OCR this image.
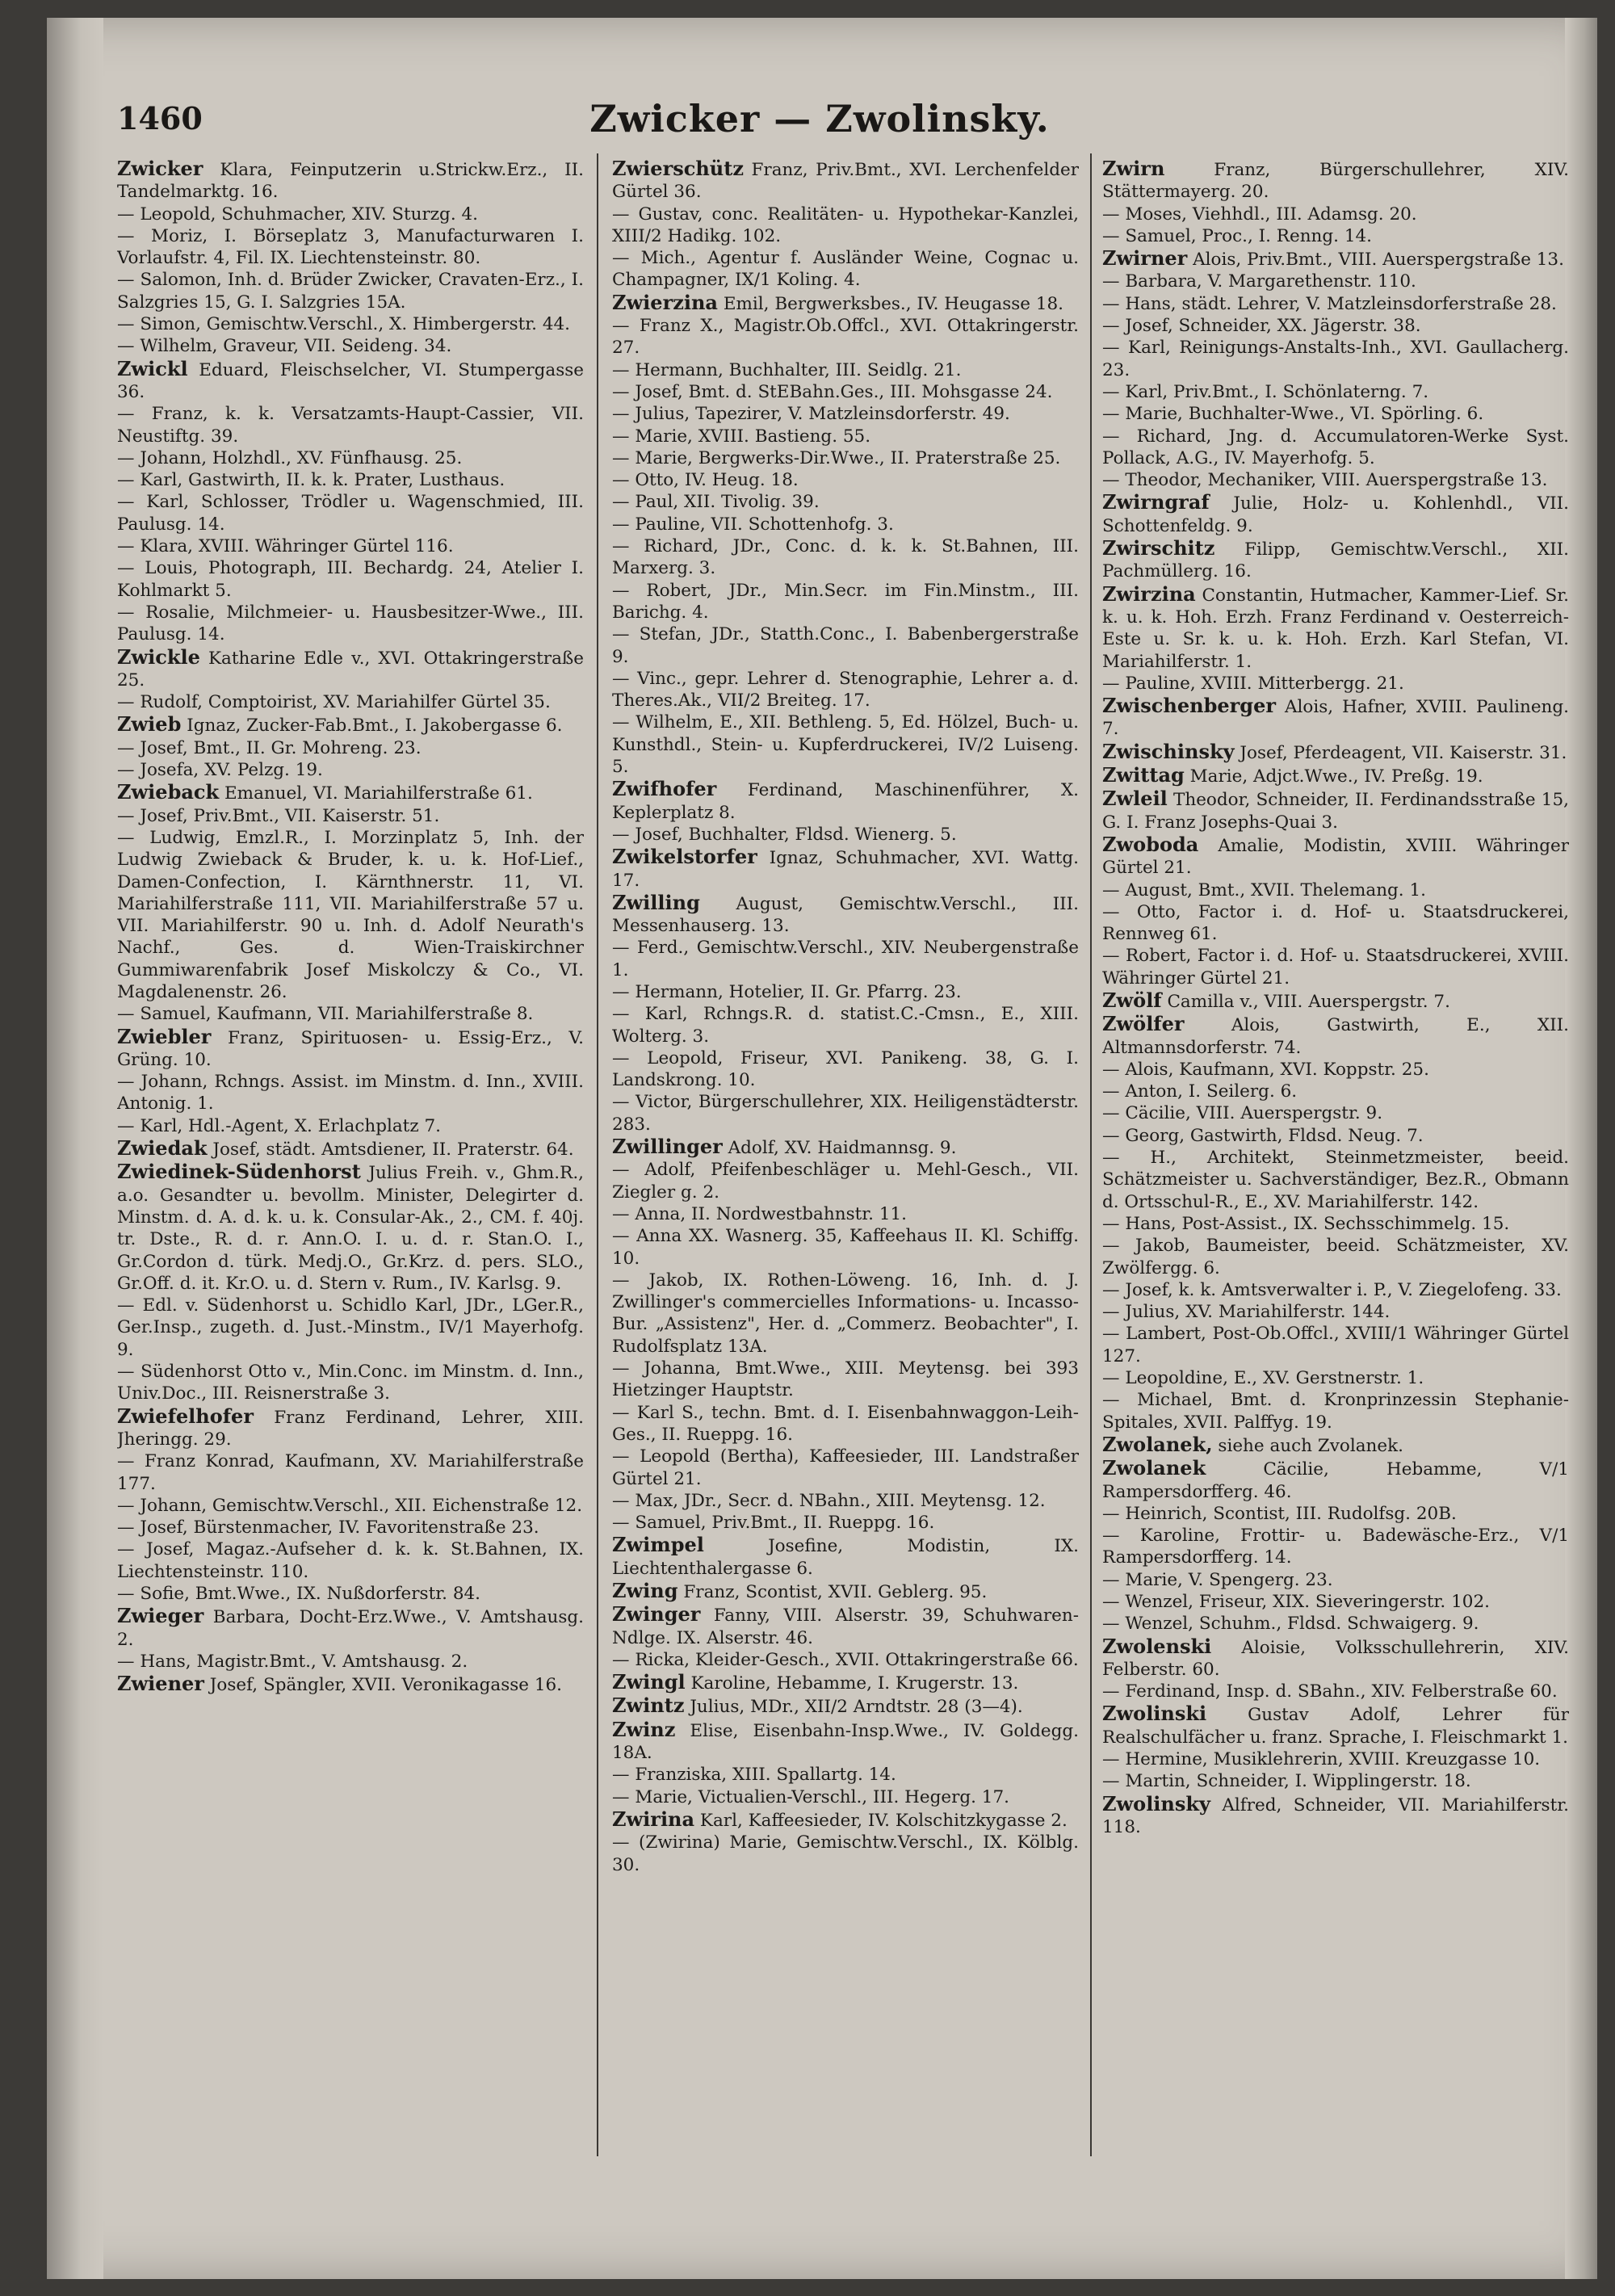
1460	Zwicker — Zwolinsky.

Zwicker Klara, Feinputzerin u.Strickw.Erz., II. Tandelmarktg. 16.

— Leopold, Schuhmacher, XIV. Sturzg. 4.

— Moriz, I. Börseplatz 3, Manufacturwaren I. Vorlaufstr. 4, Fil. IX. Liechtensteinstr. 80.

— Salomon, Inh. d. Brüder Zwicker, Cravaten-Erz., I. Salzgries 15, G. I. Salzgries 15A.

— Simon, Gemischtw.Verschl., X. Himbergerstr. 44.

— Wilhelm, Graveur, VII. Seideng. 34.

Zwickl Eduard, Fleischselcher, VI. Stumpergasse 36.

— Franz, k. k. Versatzamts-Haupt-Cassier, VII. Neustiftg. 39.

— Johann, Holzhdl., XV. Fünfhausg. 25.

— Karl, Gastwirth, II. k. k. Prater, Lusthaus.

— Karl, Schlosser, Trödler u. Wagenschmied, III. Paulusg. 14.

— Klara, XVIII. Währinger Gürtel 116.

— Louis, Photograph, III. Bechardg. 24, Atelier I. Kohlmarkt 5.

— Rosalie, Milchmeier- u. Hausbesitzer-Wwe., III. Paulusg. 14.

Zwickle Katharine Edle v., XVI. Ottakringerstraße 25.

— Rudolf, Comptoirist, XV. Mariahilfer Gürtel 35.

Zwieb Ignaz, Zucker-Fab.Bmt., I. Jakobergasse 6.

— Josef, Bmt., II. Gr. Mohreng. 23.

— Josefa, XV. Pelzg. 19.

Zwieback Emanuel, VI. Mariahilferstraße 61.

— Josef, Priv.Bmt., VII. Kaiserstr. 51.

— Ludwig, Emzl.R., I. Morzinplatz 5, Inh. der Ludwig Zwieback & Bruder, k. u. k. Hof-Lief., Damen-Confection, I. Kärnthnerstr. 11, VI. Mariahilferstraße 111, VII. Mariahilferstraße 57 u. VII. Mariahilferstr. 90 u. Inh. d. Adolf Neurath's Nachf., Ges. d. Wien-Traiskirchner Gummiwarenfabrik Josef Miskolczy & Co., VI. Magdalenenstr. 26.

— Samuel, Kaufmann, VII. Mariahilferstraße 8.

Zwiebler Franz, Spirituosen- u. Essig-Erz., V. Grüng. 10.

— Johann, Rchngs. Assist. im Minstm. d. Inn., XVIII. Antonig. 1.

— Karl, Hdl.-Agent, X. Erlachplatz 7.

Zwiedak Josef, städt. Amtsdiener, II. Praterstr. 64.

Zwiedinek-Südenhorst Julius Freih. v., Ghm.R., a.o. Gesandter u. bevollm. Minister, Delegirter d. Minstm. d. A. d. k. u. k. Consular-Ak., 2., CM. f. 40j. tr. Dste., R. d. r. Ann.O. I. u. d. r. Stan.O. I., Gr.Cordon d. türk. Medj.O., Gr.Krz. d. pers. SLO., Gr.Off. d. it. Kr.O. u. d. Stern v. Rum., IV. Karlsg. 9.

— Edl. v. Südenhorst u. Schidlo Karl, JDr., LGer.R., Ger.Insp., zugeth. d. Just.-Minstm., IV/1 Mayerhofg. 9.

— Südenhorst Otto v., Min.Conc. im Minstm. d. Inn., Univ.Doc., III. Reisnerstraße 3.

Zwiefelhofer Franz Ferdinand, Lehrer, XIII. Jheringg. 29.

— Franz Konrad, Kaufmann, XV. Mariahilferstraße 177.

— Johann, Gemischtw.Verschl., XII. Eichenstraße 12.

— Josef, Bürstenmacher, IV. Favoritenstraße 23.

— Josef, Magaz.-Aufseher d. k. k. St.Bahnen, IX. Liechtensteinstr. 110.

— Sofie, Bmt.Wwe., IX. Nußdorferstr. 84.

Zwieger Barbara, Docht-Erz.Wwe., V. Amtshausg. 2.

— Hans, Magistr.Bmt., V. Amtshausg. 2.

Zwiener Josef, Spängler, XVII. Veronikagasse 16.

Zwierschütz Franz, Priv.Bmt., XVI. Lerchenfelder Gürtel 36.

— Gustav, conc. Realitäten- u. Hypothekar-Kanzlei, XIII/2 Hadikg. 102.

— Mich., Agentur f. Ausländer Weine, Cognac u. Champagner, IX/1 Koling. 4.

Zwierzina Emil, Bergwerksbes., IV. Heugasse 18.

— Franz X., Magistr.Ob.Offcl., XVI. Ottakringerstr. 27.

— Hermann, Buchhalter, III. Seidlg. 21.

— Josef, Bmt. d. StEBahn.Ges., III. Mohsgasse 24.

— Julius, Tapezirer, V. Matzleinsdorferstr. 49.

— Marie, XVIII. Bastieng. 55.

— Marie, Bergwerks-Dir.Wwe., II. Praterstraße 25.

— Otto, IV. Heug. 18.

— Paul, XII. Tivolig. 39.

— Pauline, VII. Schottenhofg. 3.

— Richard, JDr., Conc. d. k. k. St.Bahnen, III. Marxerg. 3.

— Robert, JDr., Min.Secr. im Fin.Minstm., III. Barichg. 4.

— Stefan, JDr., Statth.Conc., I. Babenbergerstraße 9.

— Vinc., gepr. Lehrer d. Stenographie, Lehrer a. d. Theres.Ak., VII/2 Breiteg. 17.

— Wilhelm, E., XII. Bethleng. 5, Ed. Hölzel, Buch- u. Kunsthdl., Stein- u. Kupferdruckerei, IV/2 Luiseng. 5.

Zwifhofer Ferdinand, Maschinenführer, X. Keplerplatz 8.

— Josef, Buchhalter, Fldsd. Wienerg. 5.

Zwikelstorfer Ignaz, Schuhmacher, XVI. Wattg. 17.

Zwilling August, Gemischtw.Verschl., III. Messenhauserg. 13.

— Ferd., Gemischtw.Verschl., XIV. Neubergenstraße 1.

— Hermann, Hotelier, II. Gr. Pfarrg. 23.

— Karl, Rchngs.R. d. statist.C.-Cmsn., E., XIII. Wolterg. 3.

— Leopold, Friseur, XVI. Panikeng. 38, G. I. Landskrong. 10.

— Victor, Bürgerschullehrer, XIX. Heiligenstädterstr. 283.

Zwillinger Adolf, XV. Haidmannsg. 9.

— Adolf, Pfeifenbeschläger u. Mehl-Gesch., VII. Ziegler g. 2.

— Anna, II. Nordwestbahnstr. 11.

— Anna XX. Wasnerg. 35, Kaffeehaus II. Kl. Schiffg. 10.

— Jakob, IX. Rothen-Löweng. 16, Inh. d. J. Zwillinger's commercielles Informations- u. Incasso-Bur. „Assistenz", Her. d. „Commerz. Beobachter", I. Rudolfsplatz 13A.

— Johanna, Bmt.Wwe., XIII. Meytensg. bei 393 Hietzinger Hauptstr.

— Karl S., techn. Bmt. d. I. Eisenbahnwaggon-Leih-Ges., II. Rueppg. 16.

— Leopold (Bertha), Kaffeesieder, III. Landstraßer Gürtel 21.

— Max, JDr., Secr. d. NBahn., XIII. Meytensg. 12.

— Samuel, Priv.Bmt., II. Rueppg. 16.

Zwimpel	Josefine, Modistin, IX. Liechtenthalergasse 6.

Zwing Franz, Scontist, XVII. Geblerg. 95.

Zwinger Fanny, VIII. Alserstr. 39, Schuhwaren-Ndlge. IX. Alserstr. 46.

— Ricka, Kleider-Gesch., XVII. Ottakringerstraße 66.

Zwingl Karoline, Hebamme, I. Krugerstr. 13.

Zwintz Julius, MDr., XII/2 Arndtstr. 28 (3—4).

Zwinz Elise, Eisenbahn-Insp.Wwe., IV. Goldegg. 18A.

— Franziska, XIII. Spallartg. 14.

— Marie, Victualien-Verschl., III. Hegerg. 17.

Zwirina Karl, Kaffeesieder, IV. Kolschitzkygasse 2.

— (Zwirina) Marie, Gemischtw.Verschl., IX. Kölblg. 30.

Zwirn	Franz, Bürgerschullehrer, XIV. Stättermayerg. 20.

— Moses, Viehhdl., III. Adamsg. 20.

— Samuel, Proc., I. Renng. 14.

Zwirner Alois, Priv.Bmt., VIII. Auerspergstraße 13.

— Barbara, V. Margarethenstr. 110.

— Hans, städt. Lehrer, V. Matzleinsdorferstraße 28.

— Josef, Schneider, XX. Jägerstr. 38.

— Karl, Reinigungs-Anstalts-Inh., XVI. Gaullacherg. 23.

— Karl, Priv.Bmt., I. Schönlaterng. 7.

— Marie, Buchhalter-Wwe., VI. Spörling. 6.

— Richard, Jng. d. Accumulatoren-Werke Syst. Pollack, A.G., IV. Mayerhofg. 5.

— Theodor, Mechaniker, VIII. Auerspergstraße 13.

Zwirngraf Julie, Holz- u. Kohlenhdl., VII. Schottenfeldg. 9.

Zwirschitz Filipp, Gemischtw.Verschl., XII. Pachmüllerg. 16.

Zwirzina Constantin, Hutmacher, Kammer-Lief. Sr. k. u. k. Hoh. Erzh. Franz Ferdinand v. Oesterreich-Este u. Sr. k. u. k. Hoh. Erzh. Karl Stefan, VI. Mariahilferstr. 1.

— Pauline, XVIII. Mitterbergg. 21.

Zwischenberger Alois, Hafner, XVIII. Paulineng. 7.

Zwischinsky Josef, Pferdeagent, VII. Kaiserstr. 31.

Zwittag Marie, Adjct.Wwe., IV. Preßg. 19.

Zwleil Theodor, Schneider, II. Ferdinandsstraße 15, G. I. Franz Josephs-Quai 3.

Zwoboda Amalie, Modistin, XVIII. Währinger Gürtel 21.

— August, Bmt., XVII. Thelemang. 1.

— Otto, Factor i. d. Hof- u. Staatsdruckerei, Rennweg 61.

— Robert, Factor i. d. Hof- u. Staatsdruckerei, XVIII. Währinger Gürtel 21.

Zwölf Camilla v., VIII. Auerspergstr. 7.

Zwölfer	Alois, Gastwirth, E., XII. Altmannsdorferstr. 74.

— Alois, Kaufmann, XVI. Koppstr. 25.

— Anton, I. Seilerg. 6.

— Cäcilie, VIII. Auerspergstr. 9.

— Georg, Gastwirth, Fldsd. Neug. 7.

— H., Architekt, Steinmetzmeister, beeid. Schätzmeister u. Sachverständiger, Bez.R., Obmann d. Ortsschul-R., E., XV. Mariahilferstr. 142.

— Hans, Post-Assist., IX. Sechsschimmelg. 15.

— Jakob, Baumeister, beeid. Schätzmeister, XV. Zwölfergg. 6.

— Josef, k. k. Amtsverwalter i. P., V. Ziegelofeng. 33.

— Julius, XV. Mariahilferstr. 144.

— Lambert, Post-Ob.Offcl., XVIII/1 Währinger Gürtel 127.

— Leopoldine, E., XV. Gerstnerstr. 1.

— Michael, Bmt. d. Kronprinzessin Stephanie-Spitales, XVII. Palffyg. 19.

Zwolanek, siehe auch Zvolanek.

Zwolanek	Cäcilie, Hebamme, V/1 Rampersdorfferg. 46.

— Heinrich, Scontist, III. Rudolfsg. 20B.

— Karoline, Frottir- u. Badewäsche-Erz., V/1 Rampersdorfferg. 14.

— Marie, V. Spengerg. 23.

— Wenzel, Friseur, XIX. Sieveringerstr. 102.

— Wenzel, Schuhm., Fldsd. Schwaigerg. 9.

Zwolenski Aloisie, Volksschullehrerin, XIV. Felberstr. 60.

— Ferdinand, Insp. d. SBahn., XIV. Felberstraße 60.

Zwolinski Gustav Adolf, Lehrer für Realschulfächer u. franz. Sprache, I. Fleischmarkt 1.

— Hermine, Musiklehrerin, XVIII. Kreuzgasse 10.

— Martin, Schneider, I. Wipplingerstr. 18.

Zwolinsky Alfred, Schneider, VII. Mariahilferstr. 118.
